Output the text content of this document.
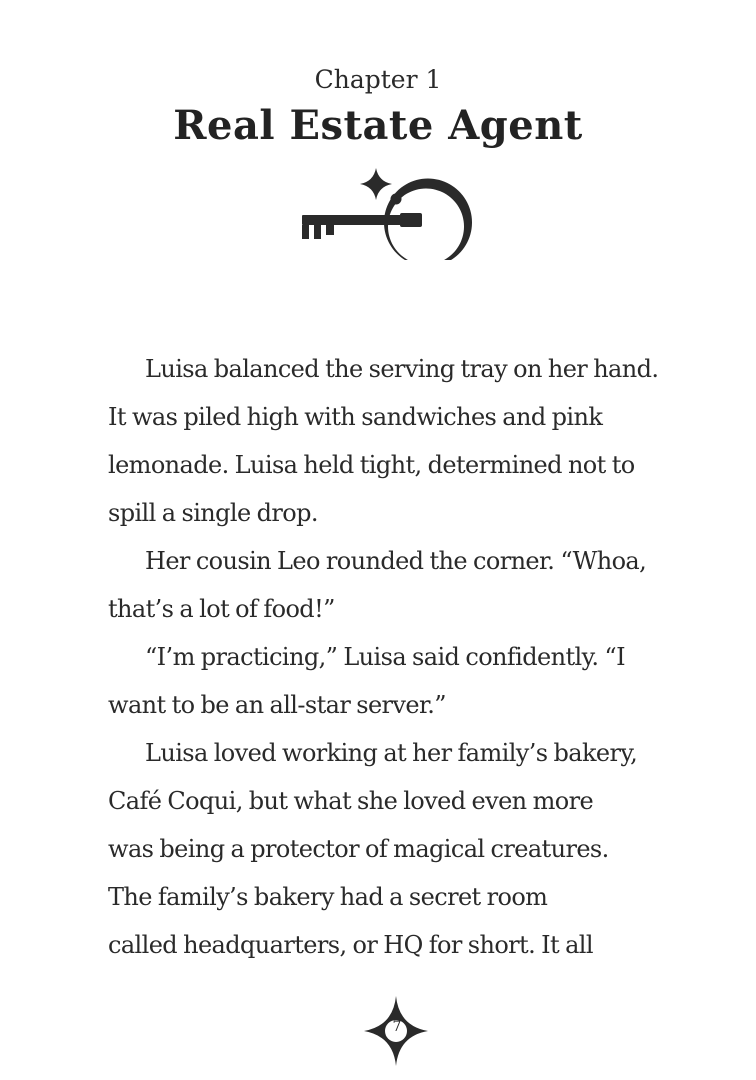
Chapter 1
Real Estate Agent

Luisa balanced the serving tray on her hand.
It was piled high with sandwiches and pink
lemonade. Luisa held tight, determined not to
spill a single drop.

Her cousin Leo rounded the corner. “Whoa,
that’s a lot of food!”

“I’m practicing,” Luisa said confidently. “I
want to be an all-star server.”

Luisa loved working at her family’s bakery,
Café Coqui, but what she loved even more
was being a protector of magical creatures.
The family’s bakery had a secret room
called headquarters, or HQ for short. It all

7
